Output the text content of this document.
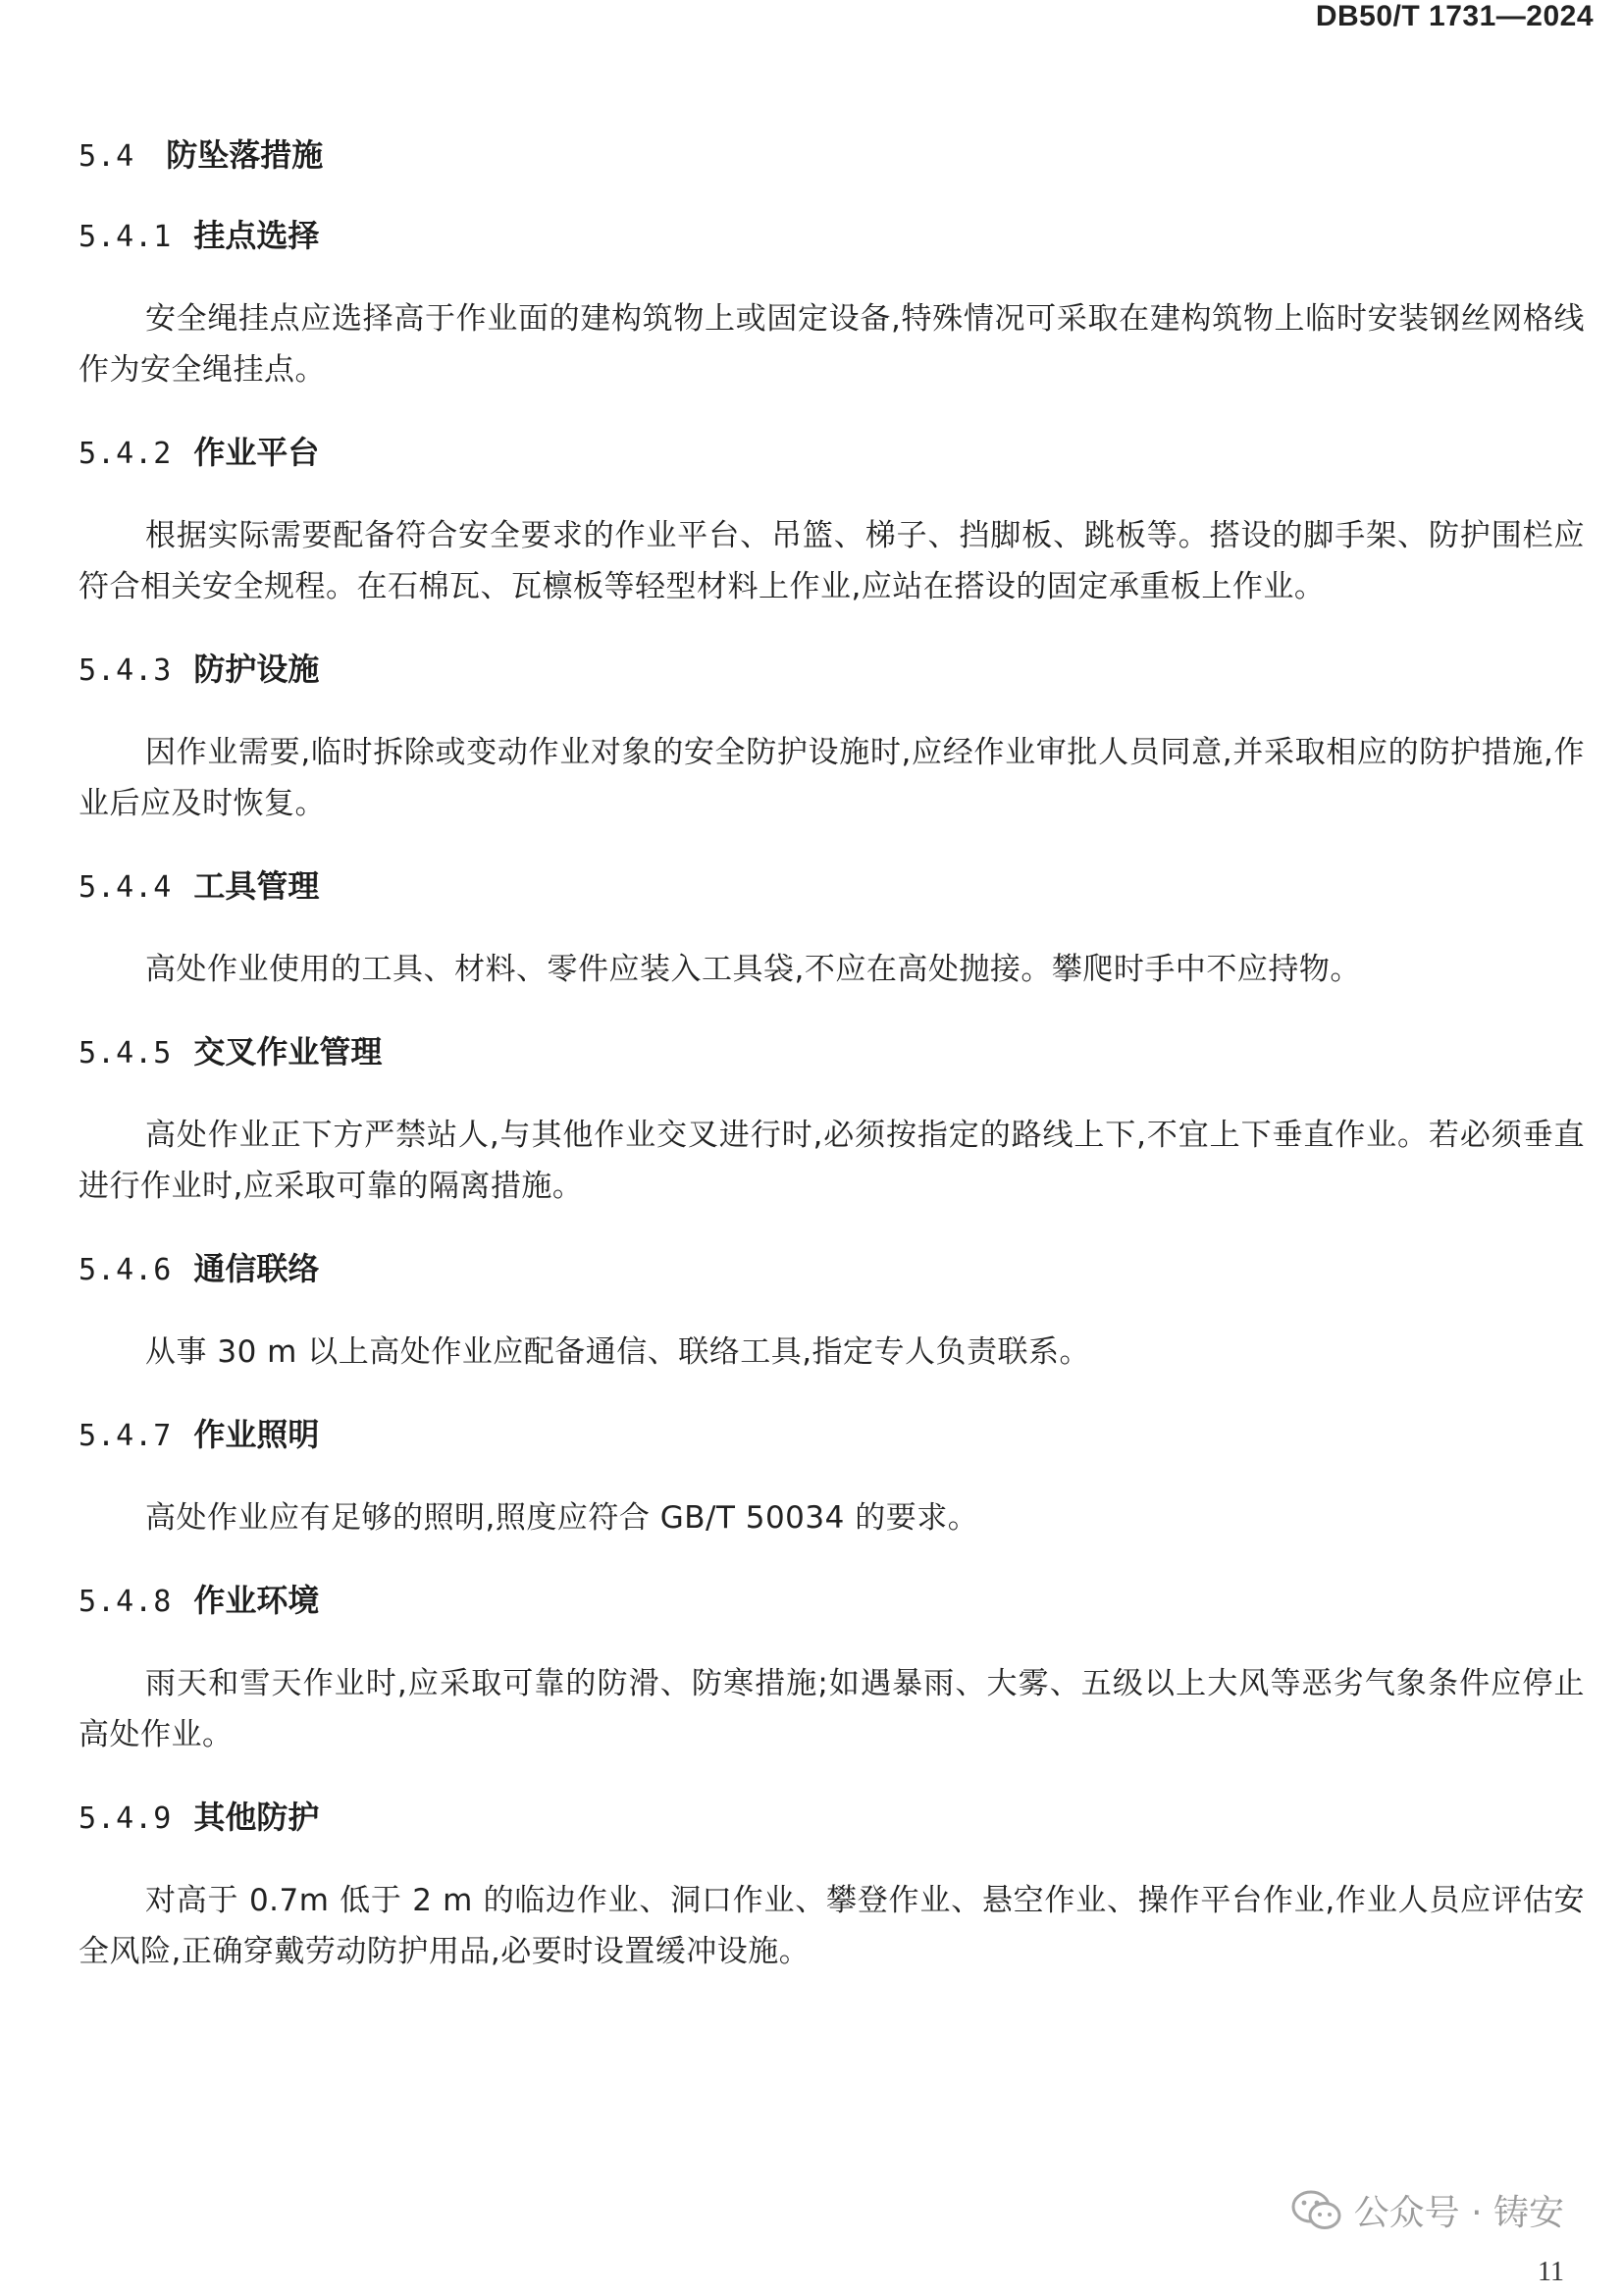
DB50/T 1731—2024
5.4 防坠落措施
5.4.1 挂点选择
安全绳挂点应选择高于作业面的建构筑物上或固定设备,特殊情况可采取在建构筑物上临时安装钢丝网格线作为安全绳挂点。
5.4.2 作业平台
根据实际需要配备符合安全要求的作业平台、吊篮、梯子、挡脚板、跳板等。搭设的脚手架、防护围栏应符合相关安全规程。在石棉瓦、瓦檩板等轻型材料上作业,应站在搭设的固定承重板上作业。
5.4.3 防护设施
因作业需要,临时拆除或变动作业对象的安全防护设施时,应经作业审批人员同意,并采取相应的防护措施,作业后应及时恢复。
5.4.4 工具管理
高处作业使用的工具、材料、零件应装入工具袋,不应在高处抛接。攀爬时手中不应持物。
5.4.5 交叉作业管理
高处作业正下方严禁站人,与其他作业交叉进行时,必须按指定的路线上下,不宜上下垂直作业。若必须垂直进行作业时,应采取可靠的隔离措施。
5.4.6 通信联络
从事 30 m 以上高处作业应配备通信、联络工具,指定专人负责联系。
5.4.7 作业照明
高处作业应有足够的照明,照度应符合 GB/T 50034 的要求。
5.4.8 作业环境
雨天和雪天作业时,应采取可靠的防滑、防寒措施;如遇暴雨、大雾、五级以上大风等恶劣气象条件应停止高处作业。
5.4.9 其他防护
对高于 0.7m 低于 2 m 的临边作业、洞口作业、攀登作业、悬空作业、操作平台作业,作业人员应评估安全风险,正确穿戴劳动防护用品,必要时设置缓冲设施。
公众号 · 铸安
11
